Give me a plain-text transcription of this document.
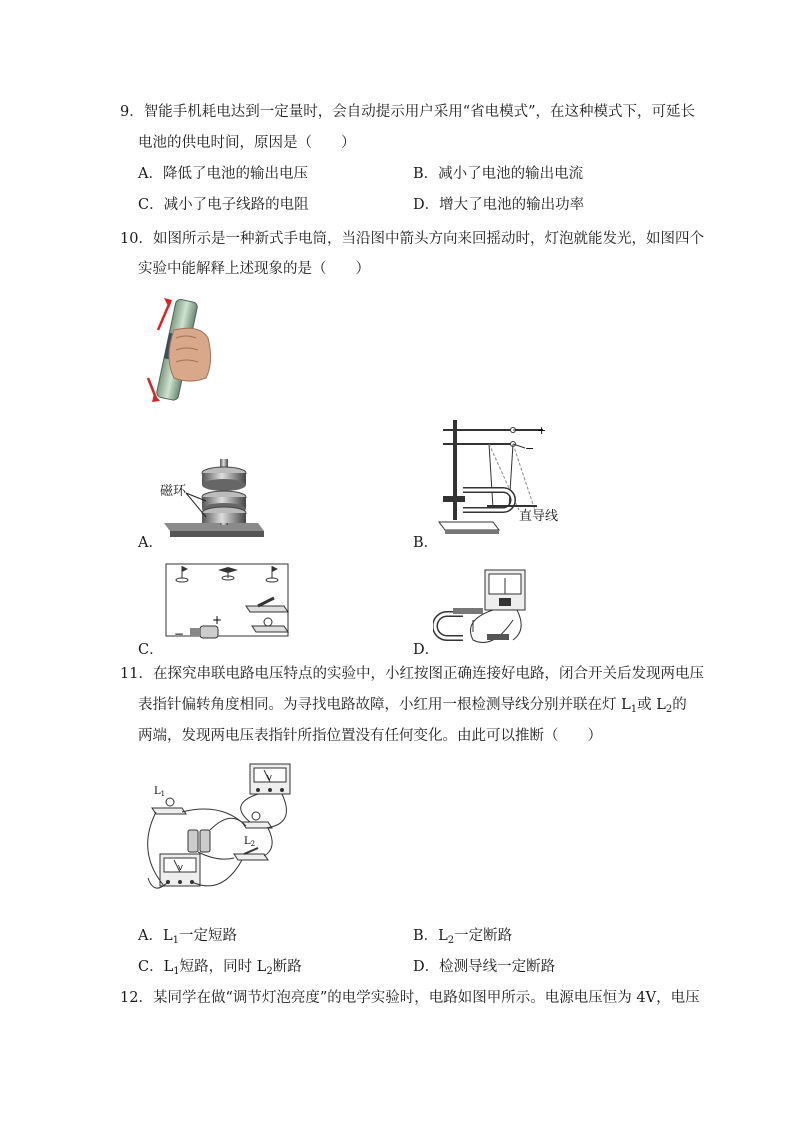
9．智能手机耗电达到一定量时，会自动提示用户采用“省电模式”，在这种模式下，可延长
电池的供电时间，原因是（　　）
A．降低了电池的输出电压	B．减小了电池的输出电流
C．减小了电子线路的电阻	D．增大了电池的输出功率
10．如图所示是一种新式手电筒，当沿图中箭头方向来回摇动时，灯泡就能发光，如图四个
实验中能解释上述现象的是（　　）
A．
磁环
B．
+
−
直导线
C．
−
+
D．
11．在探究串联电路电压特点的实验中，小红按图正确连接好电路，闭合开关后发现两电压
表指针偏转角度相同。为寻找电路故障，小红用一根检测导线分别并联在灯 $L_1$或 $L_2$的
两端，发现两电压表指针所指位置没有任何变化。由此可以推断（　　）
$L_1$
V
$L_2$
V
A．$L_1$一定短路	B．$L_2$一定断路
C．$L_1$短路，同时 $L_2$断路	D．检测导线一定断路
12．某同学在做“调节灯泡亮度”的电学实验时，电路如图甲所示。电源电压恒为 4V，电压
